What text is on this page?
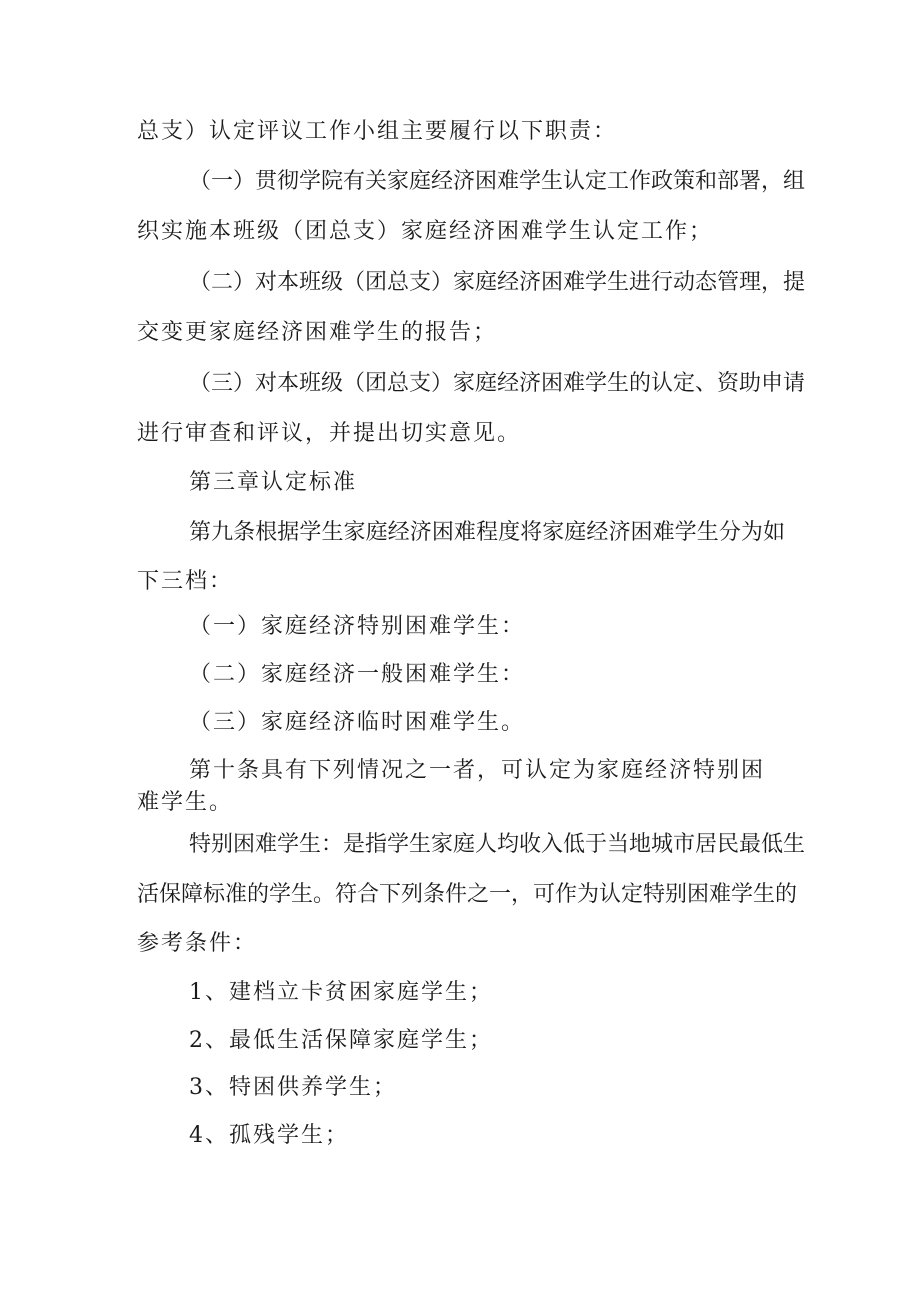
总支）认定评议工作小组主要履行以下职责：
（一）贯彻学院有关家庭经济困难学生认定工作政策和部署，组
织实施本班级（团总支）家庭经济困难学生认定工作；
（二）对本班级（团总支）家庭经济困难学生进行动态管理，提
交变更家庭经济困难学生的报告；
（三）对本班级（团总支）家庭经济困难学生的认定、资助申请
进行审查和评议，并提出切实意见。
第三章认定标准
第九条根据学生家庭经济困难程度将家庭经济困难学生分为如
下三档：
（一）家庭经济特别困难学生：
（二）家庭经济一般困难学生：
（三）家庭经济临时困难学生。
第十条具有下列情况之一者，可认定为家庭经济特别困
难学生。
特别困难学生：是指学生家庭人均收入低于当地城市居民最低生
活保障标准的学生。符合下列条件之一，可作为认定特别困难学生的
参考条件：
1、建档立卡贫困家庭学生；
2、最低生活保障家庭学生；
3、特困供养学生；
4、孤残学生；
